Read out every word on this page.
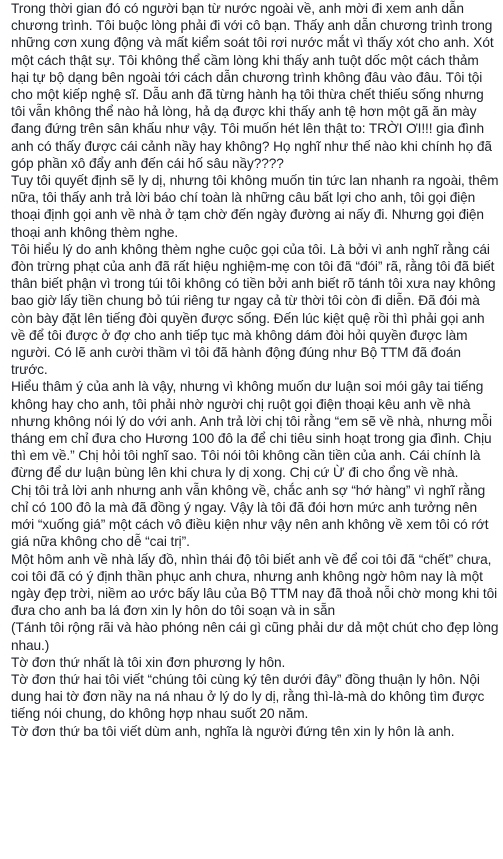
Trong thời gian đó có người bạn từ nước ngoài về, anh mời đi xem anh dẫn chương trình. Tôi buộc lòng phải đi với cô bạn. Thấy anh dẫn chương trình trong những cơn xung động và mất kiểm soát tôi rơi nước mắt vì thấy xót cho anh. Xót một cách thật sự. Tôi không thể cầm lòng khi thấy anh tuột dốc một cách thảm hại tự bộ dạng bên ngoài tới cách dẫn chương trình không đâu vào đâu. Tôi tội cho một kiếp nghệ sĩ. Dẫu anh đã từng hành hạ tôi thừa chết thiếu sống nhưng tôi vẫn không thể nào hả lòng, hả dạ được khi thấy anh tệ hơn một gã ăn mày đang đứng trên sân khấu như vậy. Tôi muốn hét lên thật to: TRỜI ƠI!!! gia đình anh có thấy được cái cảnh nầy hay không? Họ nghĩ như thế nào khi chính họ đã góp phần xô đẩy anh đến cái hố sâu nầy????

Tuy tôi quyết định sẽ ly dị, nhưng tôi không muốn tin tức lan nhanh ra ngoài, thêm nữa, tôi thấy anh trả lời báo chí toàn là những câu bất lợi cho anh, tôi gọi điện thoại định gọi anh về nhà ở tạm chờ đến ngày đường ai nấy đi. Nhưng gọi điện thoại anh không thèm nghe.

Tôi hiểu lý do anh không thèm nghe cuộc gọi của tôi. Là bởi vì anh nghĩ rằng cái đòn trừng phạt của anh đã rất hiệu nghiệm-mẹ con tôi đã “đói” rã, rằng tôi đã biết thân biết phận vì trong túi tôi không có tiền bởi anh biết rõ tánh tôi xưa nay không bao giờ lấy tiền chung bỏ túi riêng tư ngay cả từ thời tôi còn đi diễn. Đã đói mà còn bày đặt lên tiếng đòi quyền được sống. Đến lúc kiệt quệ rồi thì phải gọi anh về để tôi được ở đợ cho anh tiếp tục mà không dám đòi hỏi quyền được làm người. Có lẽ anh cười thầm vì tôi đã hành động đúng như Bộ TTM đã đoán trước.

Hiểu thâm ý của anh là vậy, nhưng vì không muốn dư luận soi mói gây tai tiếng không hay cho anh, tôi phải nhờ người chị ruột gọi điện thoại kêu anh về nhà nhưng không nói lý do với anh. Anh trả lời chị tôi rằng “em sẽ về nhà, nhưng mỗi tháng em chỉ đưa cho Hương 100 đô la để chi tiêu sinh hoạt trong gia đình. Chịu thì em về.” Chị hỏi tôi nghĩ sao. Tôi nói tôi không cần tiền của anh. Cái chính là đừng để dư luận bùng lên khi chưa ly dị xong. Chị cứ Ừ đi cho ổng về nhà.

Chị tôi trả lời anh nhưng anh vẫn không về, chắc anh sợ “hớ hàng” vì nghĩ rằng chỉ có 100 đô la mà đã đồng ý ngay. Vậy là tôi đã đói hơn mức anh tưởng nên mới “xuống giá” một cách vô điều kiện như vậy nên anh không về xem tôi có rớt giá nữa không cho dễ “cai trị”.

Một hôm anh về nhà lấy đồ, nhìn thái độ tôi biết anh về để coi tôi đã “chết” chưa, coi tôi đã có ý định thần phục anh chưa, nhưng anh không ngờ hôm nay là một ngày đẹp trời, niềm ao ước bấy lâu của Bộ TTM nay đã thoả nỗi chờ mong khi tôi đưa cho anh ba lá đơn xin ly hôn do tôi soạn và in sẵn
(Tánh tôi rộng rãi và hào phóng nên cái gì cũng phải dư dả một chút cho đẹp lòng nhau.)

Tờ đơn thứ nhất là tôi xin đơn phương ly hôn.

Tờ đơn thứ hai tôi viết “chúng tôi cùng ký tên dưới đây” đồng thuận ly hôn. Nội dung hai tờ đơn nầy na ná nhau ở lý do ly dị, rằng thì-là-mà do không tìm được tiếng nói chung, do không hợp nhau suốt 20 năm.

Tờ đơn thứ ba tôi viết dùm anh, nghĩa là người đứng tên xin ly hôn là anh.
